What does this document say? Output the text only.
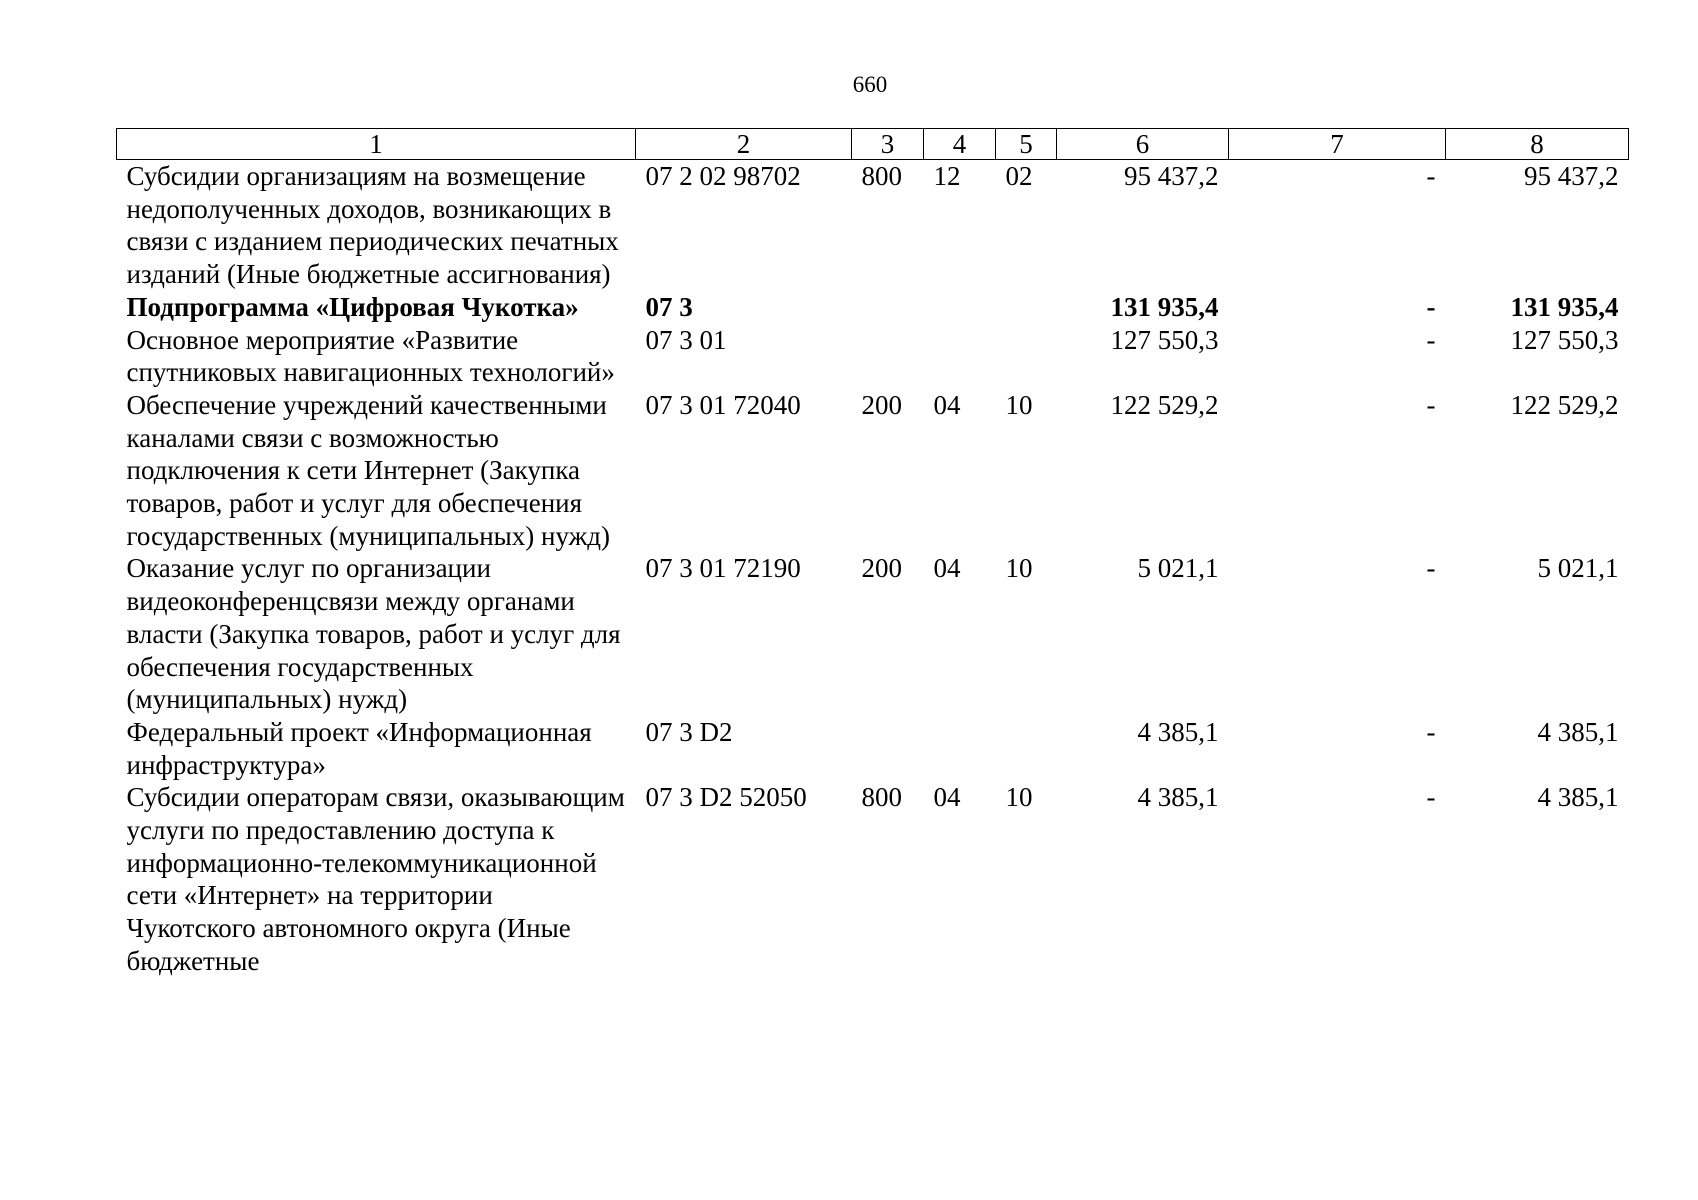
660
1	2	3	4	5	6	7	8
Субсидии организациям на возмещение недополученных доходов, возникающих в связи с изданием периодических печатных изданий (Иные бюджетные ассигнования)	07 2 02 98702	800	12	02	95 437,2	-	95 437,2
Подпрограмма «Цифровая Чукотка»	07 3				131 935,4	-	131 935,4
Основное мероприятие «Развитие спутниковых навигационных технологий»	07 3 01				127 550,3	-	127 550,3
Обеспечение учреждений качественными каналами связи с возможностью подключения к сети Интернет (Закупка товаров, работ и услуг для обеспечения государственных (муниципальных) нужд)	07 3 01 72040	200	04	10	122 529,2	-	122 529,2
Оказание услуг по организации видеоконференцсвязи между органами власти (Закупка товаров, работ и услуг для обеспечения государственных (муниципальных) нужд)	07 3 01 72190	200	04	10	5 021,1	-	5 021,1
Федеральный проект «Информационная инфраструктура»	07 3 D2				4 385,1	-	4 385,1
Субсидии операторам связи, оказывающим услуги по предоставлению доступа к информационно-телекоммуникационной сети «Интернет» на территории Чукотского автономного округа (Иные бюджетные	07 3 D2 52050	800	04	10	4 385,1	-	4 385,1
